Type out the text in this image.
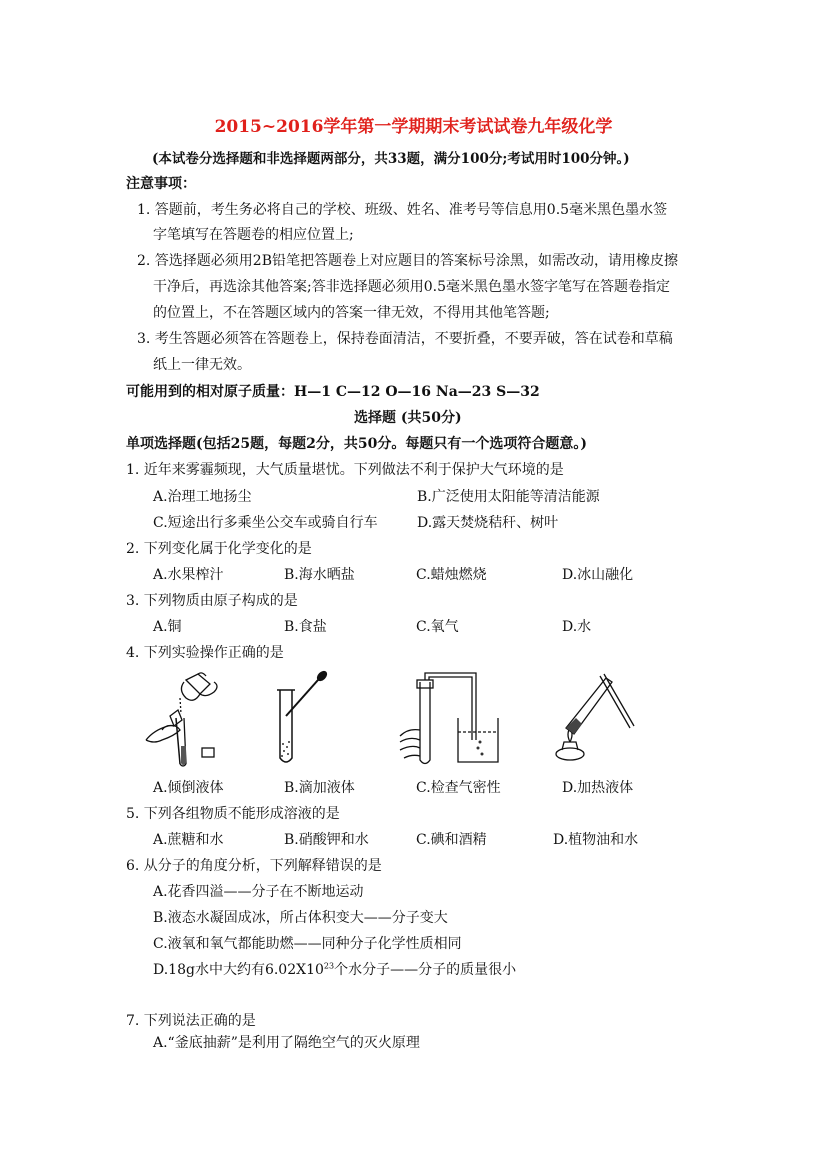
2015~2016学年第一学期期末考试试卷九年级化学
(本试卷分选择题和非选择题两部分，共33题，满分100分;考试用时100分钟。)
注意事项：
1. 答题前，考生务必将自己的学校、班级、姓名、准考号等信息用0.5毫米黑色墨水签
字笔填写在答题卷的相应位置上;
2. 答选择题必须用2B铅笔把答题卷上对应题目的答案标号涂黑，如需改动，请用橡皮擦
干净后，再选涂其他答案;答非选择题必须用0.5毫米黑色墨水签字笔写在答题卷指定
的位置上，不在答题区域内的答案一律无效，不得用其他笔答题;
3. 考生答题必须答在答题卷上，保持卷面清洁，不要折叠，不要弄破，答在试卷和草稿
纸上一律无效。
可能用到的相对原子质量：H—1 C—12 O—16 Na—23 S—32
选择题 (共50分)
单项选择题(包括25题，每题2分，共50分。每题只有一个选项符合题意。)
1. 近年来雾霾频现，大气质量堪忧。下列做法不利于保护大气环境的是
A.治理工地扬尘	B.广泛使用太阳能等清洁能源
C.短途出行多乘坐公交车或骑自行车	D.露天焚烧秸秆、树叶
2. 下列变化属于化学变化的是
A.水果榨汁	B.海水晒盐	C.蜡烛燃烧	D.冰山融化
3. 下列物质由原子构成的是
A.铜	B.食盐	C.氧气	D.水
4. 下列实验操作正确的是
A.倾倒液体	B.滴加液体	C.检查气密性	D.加热液体
5. 下列各组物质不能形成溶液的是
A.蔗糖和水	B.硝酸钾和水	C.碘和酒精	D.植物油和水
6. 从分子的角度分析，下列解释错误的是
A.花香四溢——分子在不断地运动
B.液态水凝固成冰，所占体积变大——分子变大
C.液氧和氧气都能助燃——同种分子化学性质相同
D.18g水中大约有$6.02X10^{23}$个水分子——分子的质量很小
7. 下列说法正确的是
A.“釜底抽薪”是利用了隔绝空气的灭火原理
